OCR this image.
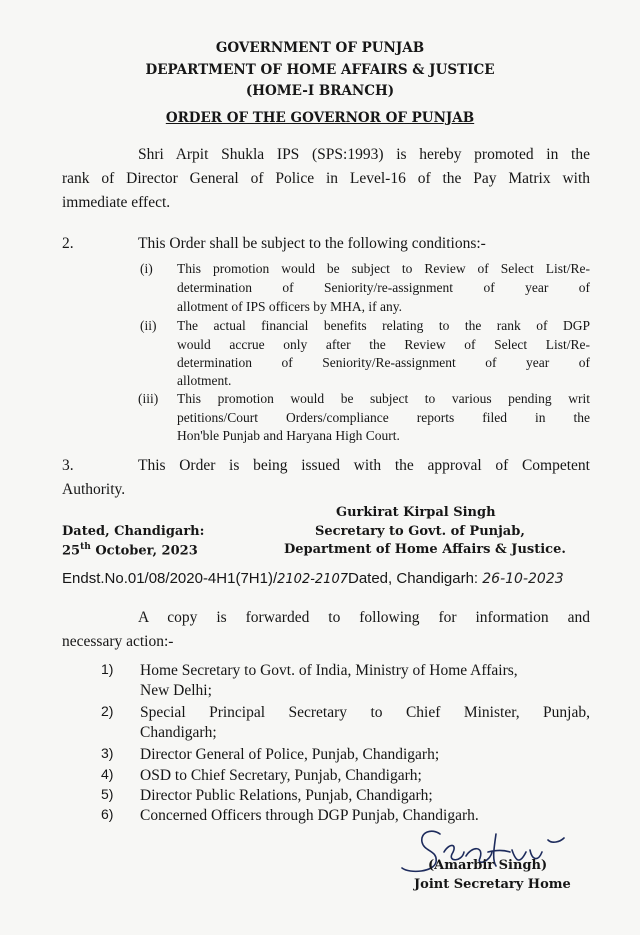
GOVERNMENT OF PUNJAB
DEPARTMENT OF HOME AFFAIRS & JUSTICE
(HOME-I BRANCH)
ORDER OF THE GOVERNOR OF PUNJAB
Shri Arpit Shukla IPS (SPS:1993) is hereby promoted in the
rank of Director General of Police in Level-16 of the Pay Matrix with
immediate effect.
2.	This Order shall be subject to the following conditions:-
(i) This promotion would be subject to Review of Select List/Re-
determination of Seniority/re-assignment of year of
allotment of IPS officers by MHA, if any.
(ii) The actual financial benefits relating to the rank of DGP
would accrue only after the Review of Select List/Re-
determination of Seniority/Re-assignment of year of
allotment.
(iii) This promotion would be subject to various pending writ
petitions/Court Orders/compliance reports filed in the
Hon'ble Punjab and Haryana High Court.
3.	This Order is being issued with the approval of Competent
Authority.
Gurkirat Kirpal Singh
Dated, Chandigarh:	Secretary to Govt. of Punjab,
25th October, 2023	Department of Home Affairs & Justice.
Endst.No.01/08/2020-4H1(7H1)/2102-2107Dated, Chandigarh: 26-10-2023
A copy is forwarded to following for information and
necessary action:-
1) Home Secretary to Govt. of India, Ministry of Home Affairs,
New Delhi;
2) Special Principal Secretary to Chief Minister, Punjab,
Chandigarh;
3) Director General of Police, Punjab, Chandigarh;
4) OSD to Chief Secretary, Punjab, Chandigarh;
5) Director Public Relations, Punjab, Chandigarh;
6) Concerned Officers through DGP Punjab, Chandigarh.
(Amarbir Singh)
Joint Secretary Home
